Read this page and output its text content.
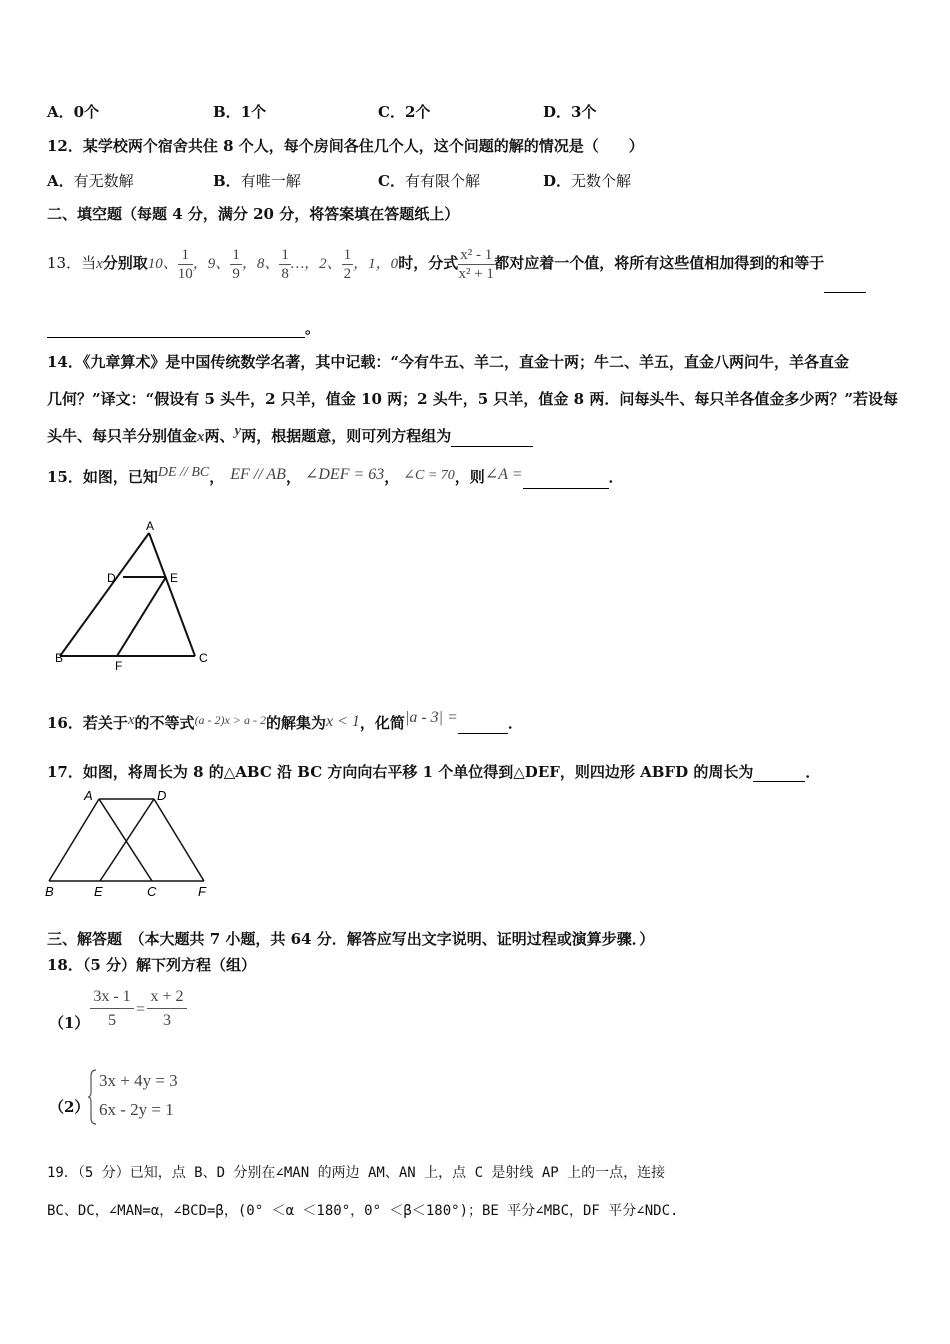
A．0个	B．1个	C．2个	D．3个
12．某学校两个宿舍共住 8 个人，每个房间各住几个人，这个问题的解的情况是（　　）
A．有无数解	B．有唯一解	C．有有限个解	D．无数个解
二、填空题（每题 4 分，满分 20 分，将答案填在答题纸上）
13．当x分别取10、 $\frac{1}{10}$ ，9、 $\frac{1}{9}$ ，8、 $\frac{1}{8}$ …，2、 $\frac{1}{2}$ ，1，0时，分式 $\frac{\text{x² - 1}}{\text{x² + 1}}$ 都对应着一个值，将所有这些值相加得到的和等于
。
14．《九章算术》是中国传统数学名著，其中记载：“今有牛五、羊二，直金十两；牛二、羊五，直金八两问牛，羊各直金
几何？”译文：“假设有 5 头牛，2 只羊，值金 10 两；2 头牛，5 只羊，值金 8 两．问每头牛、每只羊各值金多少两？”若设每
头牛、每只羊分别值金x两、y两，根据题意，则可列方程组为
15．如图，已知DE // BC， EF // AB， ∠DEF = 63， ∠C = 70，则∠A =	．
A
D	E
B
F
C
16．若关于x的不等式$^{(a - 2)x > a - 2}$的解集为x < 1，化简|a - 3| =	．
17．如图，将周长为 8 的△ABC 沿 BC 方向向右平移 1 个单位得到△DEF，则四边形 ABFD 的周长为	．
A	D
B	E	C	F
三、解答题　（本大题共 7 小题，共 64 分．解答应写出文字说明、证明过程或演算步骤．）
18．（5 分）解下列方程（组）
$(1) \frac{3x - 1}{5} = \frac{x + 2}{3}$
（2）
3x + 4y = 3
6x - 2y = 1
19．（5 分）已知，点 B、D 分别在∠MAN 的两边 AM、AN 上，点 C 是射线 AP 上的一点，连接
BC、DC，∠MAN=α，∠BCD=β，(0° ＜α ＜180°，0° ＜β＜180°)；BE 平分∠MBC，DF 平分∠NDC.
